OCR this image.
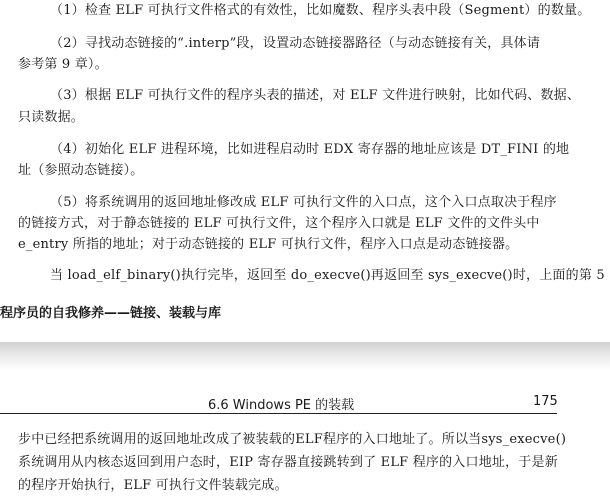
（1）检查 ELF 可执行文件格式的有效性，比如魔数、程序头表中段（Segment）的数量。
（2）寻找动态链接的“.interp”段，设置动态链接器路径（与动态链接有关，具体请
参考第 9 章）。
（3）根据 ELF 可执行文件的程序头表的描述，对 ELF 文件进行映射，比如代码、数据、
只读数据。
（4）初始化 ELF 进程环境，比如进程启动时 EDX 寄存器的地址应该是 DT_FINI 的地
址（参照动态链接）。
（5）将系统调用的返回地址修改成 ELF 可执行文件的入口点，这个入口点取决于程序
的链接方式，对于静态链接的 ELF 可执行文件，这个程序入口就是 ELF 文件的文件头中
e_entry 所指的地址；对于动态链接的 ELF 可执行文件，程序入口点是动态链接器。
当 load_elf_binary()执行完毕，返回至 do_execve()再返回至 sys_execve()时，上面的第 5
程序员的自我修养——链接、装载与库
6.6 Windows PE 的装载	175
步中已经把系统调用的返回地址改成了被装载的ELF程序的入口地址了。所以当sys_execve()
系统调用从内核态返回到用户态时，EIP 寄存器直接跳转到了 ELF 程序的入口地址，于是新
的程序开始执行，ELF 可执行文件装载完成。
